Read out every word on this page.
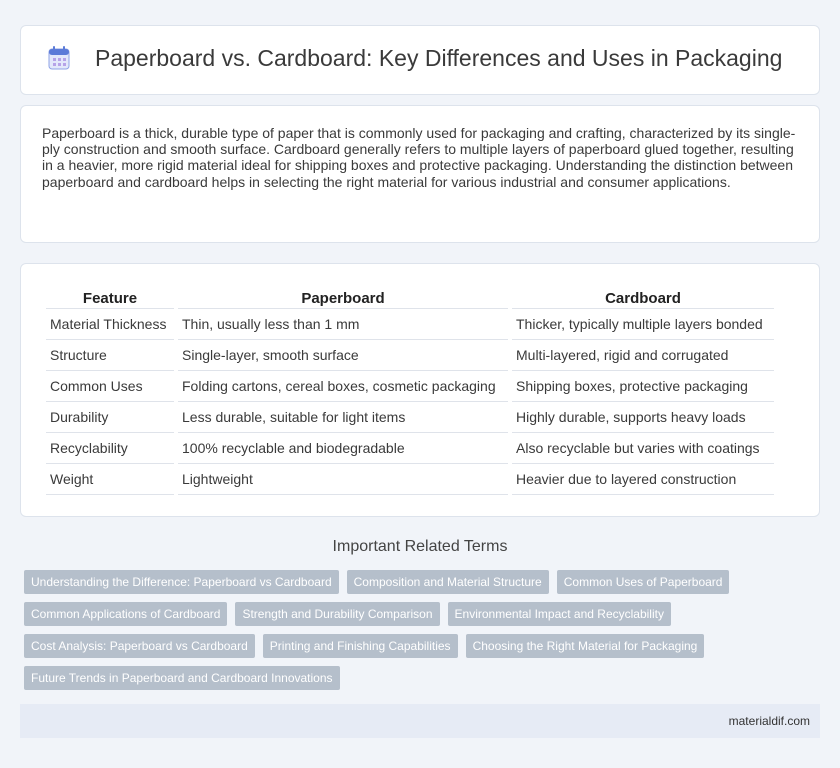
Paperboard vs. Cardboard: Key Differences and Uses in Packaging

Paperboard is a thick, durable type of paper that is commonly used for packaging and crafting, characterized by its single-ply construction and smooth surface. Cardboard generally refers to multiple layers of paperboard glued together, resulting in a heavier, more rigid material ideal for shipping boxes and protective packaging. Understanding the distinction between paperboard and cardboard helps in selecting the right material for various industrial and consumer applications.

Feature	Paperboard	Cardboard
Material Thickness	Thin, usually less than 1 mm	Thicker, typically multiple layers bonded
Structure	Single-layer, smooth surface	Multi-layered, rigid and corrugated
Common Uses	Folding cartons, cereal boxes, cosmetic packaging	Shipping boxes, protective packaging
Durability	Less durable, suitable for light items	Highly durable, supports heavy loads
Recyclability	100% recyclable and biodegradable	Also recyclable but varies with coatings
Weight	Lightweight	Heavier due to layered construction
Important Related Terms
Understanding the Difference: Paperboard vs Cardboard	Composition and Material Structure	Common Uses of Paperboard
Common Applications of Cardboard	Strength and Durability Comparison	Environmental Impact and Recyclability
Cost Analysis: Paperboard vs Cardboard	Printing and Finishing Capabilities	Choosing the Right Material for Packaging
Future Trends in Paperboard and Cardboard Innovations
materialdif.com
